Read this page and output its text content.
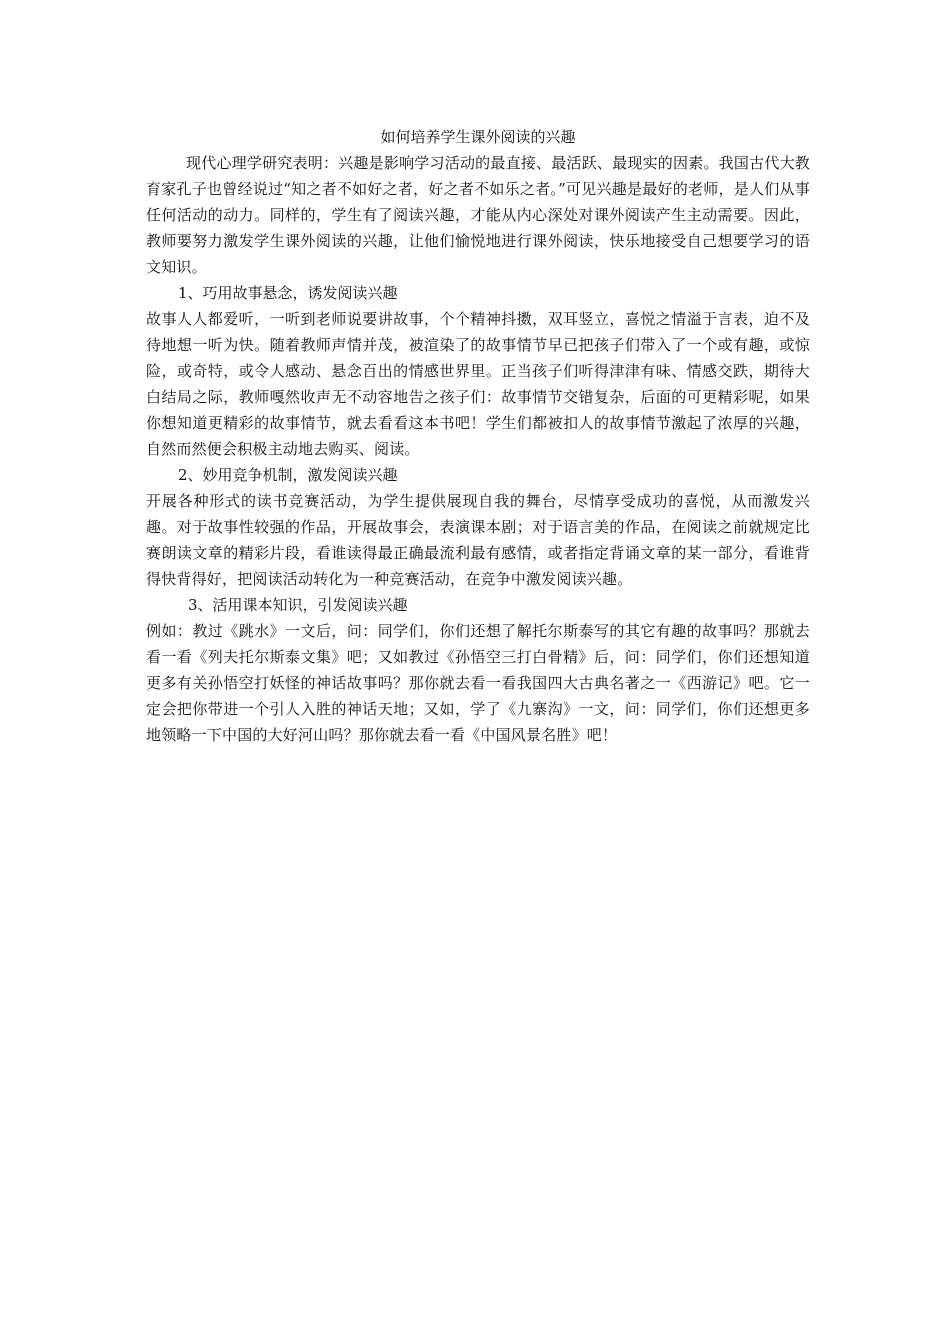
如何培养学生课外阅读的兴趣

现代心理学研究表明：兴趣是影响学习活动的最直接、最活跃、最现实的因素。我国古代大教育家孔子也曾经说过“知之者不如好之者，好之者不如乐之者。”可见兴趣是最好的老师，是人们从事任何活动的动力。同样的，学生有了阅读兴趣，才能从内心深处对课外阅读产生主动需要。因此，教师要努力激发学生课外阅读的兴趣，让他们愉悦地进行课外阅读，快乐地接受自己想要学习的语文知识。

1、巧用故事悬念，诱发阅读兴趣

故事人人都爱听，一听到老师说要讲故事，个个精神抖擞，双耳竖立，喜悦之情溢于言表，迫不及待地想一听为快。随着教师声情并茂，被渲染了的故事情节早已把孩子们带入了一个或有趣，或惊险，或奇特，或令人感动、悬念百出的情感世界里。正当孩子们听得津津有味、情感交跌，期待大白结局之际，教师嘎然收声无不动容地告之孩子们：故事情节交错复杂，后面的可更精彩呢，如果你想知道更精彩的故事情节，就去看看这本书吧！学生们都被扣人的故事情节激起了浓厚的兴趣，自然而然便会积极主动地去购买、阅读。

2、妙用竞争机制，激发阅读兴趣

开展各种形式的读书竞赛活动，为学生提供展现自我的舞台，尽情享受成功的喜悦，从而激发兴趣。对于故事性较强的作品，开展故事会，表演课本剧；对于语言美的作品，在阅读之前就规定比赛朗读文章的精彩片段，看谁读得最正确最流利最有感情，或者指定背诵文章的某一部分，看谁背得快背得好，把阅读活动转化为一种竞赛活动，在竞争中激发阅读兴趣。

3、活用课本知识，引发阅读兴趣

例如：教过《跳水》一文后，问：同学们，你们还想了解托尔斯泰写的其它有趣的故事吗？那就去看一看《列夫托尔斯泰文集》吧；又如教过《孙悟空三打白骨精》后，问：同学们，你们还想知道更多有关孙悟空打妖怪的神话故事吗？那你就去看一看我国四大古典名著之一《西游记》吧。它一定会把你带进一个引人入胜的神话天地；又如，学了《九寨沟》一文，问：同学们，你们还想更多地领略一下中国的大好河山吗？那你就去看一看《中国风景名胜》吧！
